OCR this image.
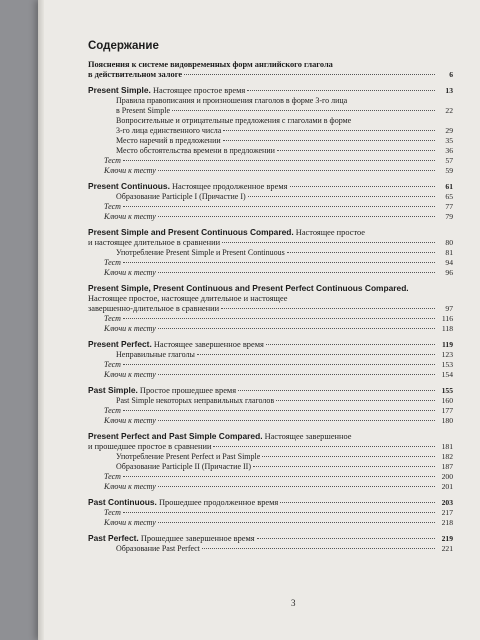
Содержание
Пояснения к системе видовременных форм английского глагола
в действительном залоге	6
Present Simple. Настоящее простое время	13
Правила правописания и произношения глаголов в форме 3-го лица
в Present Simple	22
Вопросительные и отрицательные предложения с глаголами в форме
3-го лица единственного числа	29
Место наречий в предложении	35
Место обстоятельства времени в предложении	36
Тест	57
Ключи к тесту	59
Present Continuous. Настоящее продолженное время	61
Образование Participle I (Причастие I)	65
Тест	77
Ключи к тесту	79
Present Simple and Present Continuous Compared. Настоящее простое
и настоящее длительное в сравнении	80
Употребление Present Simple и Present Continuous	81
Тест	94
Ключи к тесту	96
Present Simple, Present Continuous and Present Perfect Continuous Compared.
Настоящее простое, настоящее длительное и настоящее
завершенно-длительное в сравнении	97
Тест	116
Ключи к тесту	118
Present Perfect. Настоящее завершенное время	119
Неправильные глаголы	123
Тест	153
Ключи к тесту	154
Past Simple. Простое прошедшее время	155
Past Simple некоторых неправильных глаголов	160
Тест	177
Ключи к тесту	180
Present Perfect and Past Simple Compared. Настоящее завершенное
и прошедшее простое в сравнении	181
Употребление Present Perfect и Past Simple	182
Образование Participle II (Причастие II)	187
Тест	200
Ключи к тесту	201
Past Continuous. Прошедшее продолженное время	203
Тест	217
Ключи к тесту	218
Past Perfect. Прошедшее завершенное время	219
Образование Past Perfect	221
3
